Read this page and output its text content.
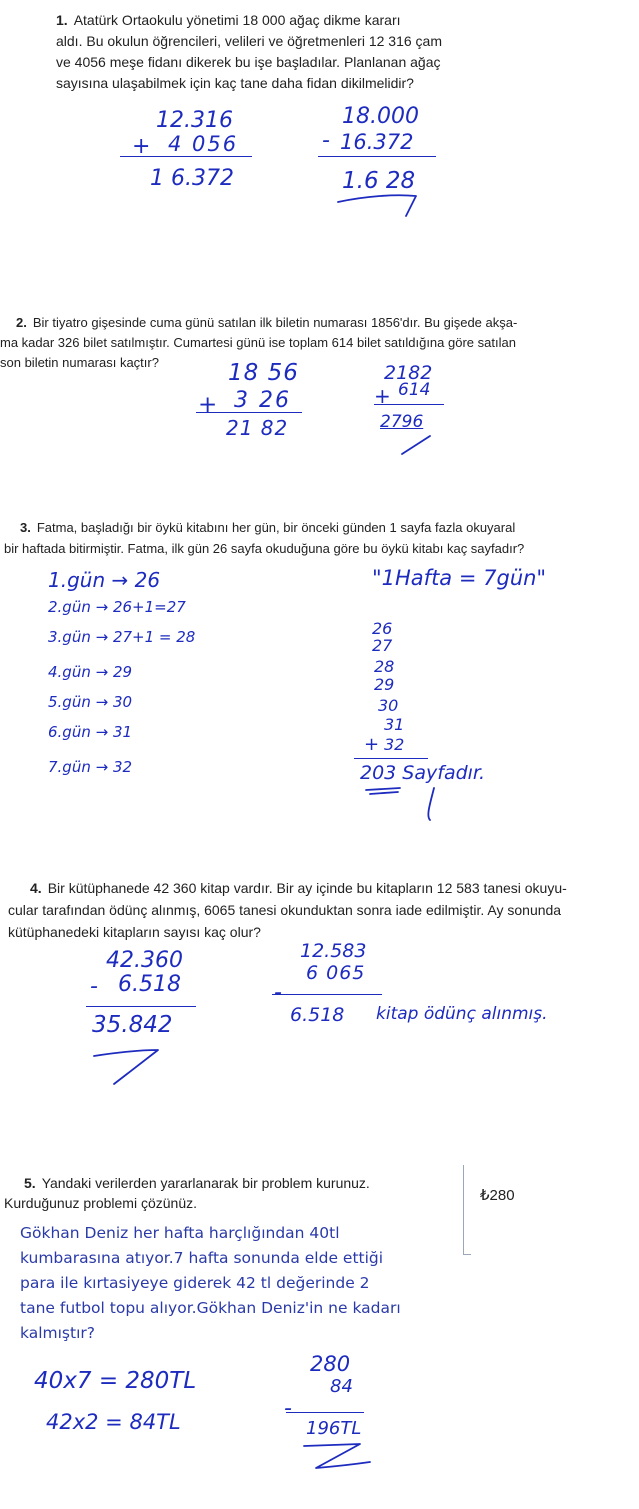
1. Atatürk Ortaokulu yönetimi 18 000 ağaç dikme kararı
aldı. Bu okulun öğrencileri, velileri ve öğretmenleri 12 316 çam
ve 4056 meşe fidanı dikerek bu işe başladılar. Planlanan ağaç
sayısına ulaşabilmek için kaç tane daha fidan dikilmelidir?
12.316
+ 4 056
1 6.372
18.000
- 16.372
1.6 28
2. Bir tiyatro gişesinde cuma günü satılan ilk biletin numarası 1856'dır. Bu gişede akşa-
ma kadar 326 bilet satılmıştır. Cumartesi günü ise toplam 614 bilet satıldığına göre satılan
son biletin numarası kaçtır?	18 56
+ 3 26
21 82
2182
+ 614
2796
3. Fatma, başladığı bir öykü kitabını her gün, bir önceki günden 1 sayfa fazla okuyaral
bir haftada bitirmiştir. Fatma, ilk gün 26 sayfa okuduğuna göre bu öykü kitabı kaç sayfadır?
1.gün → 26
2.gün → 26+1=27
3.gün → 27+1 = 28
4.gün → 29
5.gün → 30
6.gün → 31
7.gün → 32
"1Hafta = 7gün"
26
27
28
29
30
31
+ 32
203 Sayfadır.
4. Bir kütüphanede 42 360 kitap vardır. Bir ay içinde bu kitapların 12 583 tanesi okuyu-
cular tarafından ödünç alınmış, 6065 tanesi okunduktan sonra iade edilmiştir. Ay sonunda
kütüphanedeki kitapların sayısı kaç olur?
42.360
- 6.518
35.842
12.583
6 065
-
6.518 kitap ödünç alınmış.
5. Yandaki verilerden yararlanarak bir problem kurunuz.
Kurduğunuz problemi çözünüz.	₺280
Gökhan Deniz her hafta harçlığından 40tl
kumbarasına atıyor.7 hafta sonunda elde ettiği
para ile kırtasiyeye giderek 42 tl değerinde 2
tane futbol topu alıyor.Gökhan Deniz'in ne kadarı
kalmıştır?
40x7 = 280TL
42x2 = 84TL
280
84
-
196TL
